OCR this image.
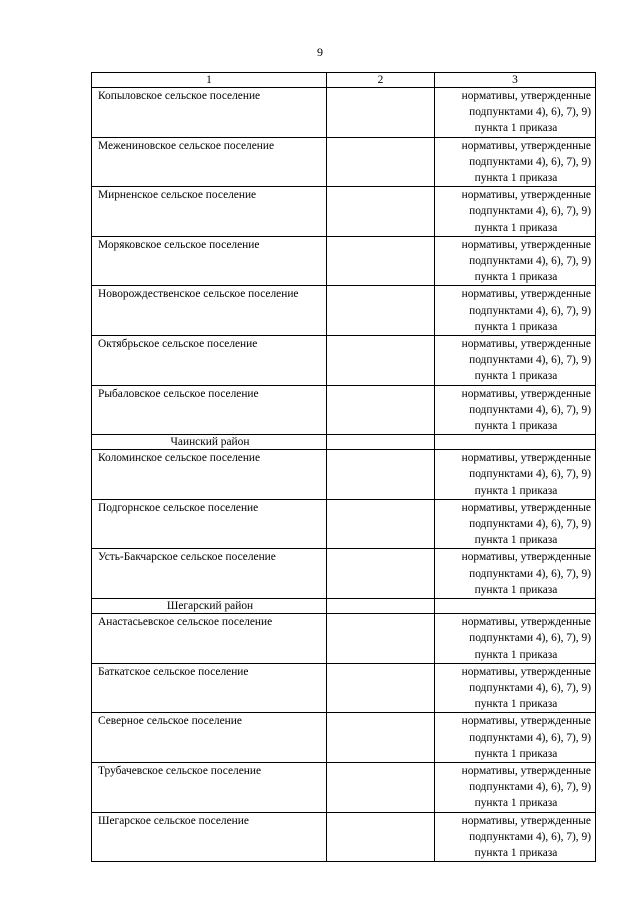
9
1	2	3
Копыловское сельское поселение		нормативы, утвержденные
подпунктами 4), 6), 7), 9)
пункта 1 приказа

Межениновское сельское поселение		нормативы, утвержденные
подпунктами 4), 6), 7), 9)
пункта 1 приказа

Мирненское сельское поселение		нормативы, утвержденные
подпунктами 4), 6), 7), 9)
пункта 1 приказа

Моряковское сельское поселение		нормативы, утвержденные
подпунктами 4), 6), 7), 9)
пункта 1 приказа

Новорождественское сельское поселение		нормативы, утвержденные
подпунктами 4), 6), 7), 9)
пункта 1 приказа

Октябрьское сельское поселение		нормативы, утвержденные
подпунктами 4), 6), 7), 9)
пункта 1 приказа

Рыбаловское сельское поселение		нормативы, утвержденные
подпунктами 4), 6), 7), 9)
пункта 1 приказа

Чаинский район		
Коломинское сельское поселение		нормативы, утвержденные
подпунктами 4), 6), 7), 9)
пункта 1 приказа

Подгорнское сельское поселение		нормативы, утвержденные
подпунктами 4), 6), 7), 9)
пункта 1 приказа

Усть-Бакчарское сельское поселение		нормативы, утвержденные
подпунктами 4), 6), 7), 9)
пункта 1 приказа

Шегарский район		
Анастасьевское сельское поселение		нормативы, утвержденные
подпунктами 4), 6), 7), 9)
пункта 1 приказа

Баткатское сельское поселение		нормативы, утвержденные
подпунктами 4), 6), 7), 9)
пункта 1 приказа

Северное сельское поселение		нормативы, утвержденные
подпунктами 4), 6), 7), 9)
пункта 1 приказа

Трубачевское сельское поселение		нормативы, утвержденные
подпунктами 4), 6), 7), 9)
пункта 1 приказа

Шегарское сельское поселение		нормативы, утвержденные
подпунктами 4), 6), 7), 9)
пункта 1 приказа
